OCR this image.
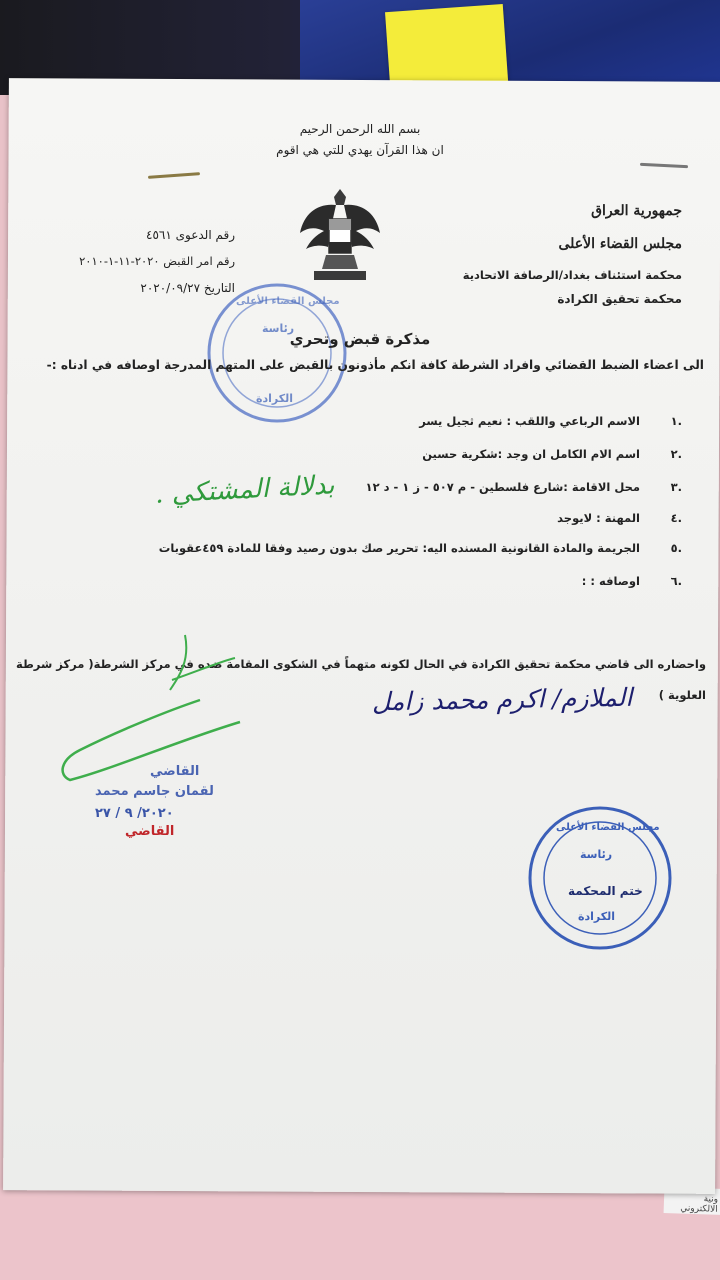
ونية الالكتروني
بسم الله الرحمن الرحيم
ان هذا القرآن يهدي للتي هي اقوم
جمهورية العراق
مجلس القضاء الأعلى
محكمة استئناف بغداد/الرصافة الاتحادية
محكمة تحقيق الكرادة
رقم الدعوى ٤٥٦١
رقم امر القبض ٢٠٢٠-١١-١-٢٠١٠
التاريخ ٢٠٢٠/٠٩/٢٧
مجلس القضاء الأعلى
رئاسة
الكرادة
مذكرة قبض وتحري
الى اعضاء الضبط القضائي وافراد الشرطة كافة انكم مأذونون بالقبض على المتهم المدرجة اوصافه في ادناه :-
.١
الاسم الرباعي واللقب : نعيم ثجيل يسر
.٢
اسم الام الكامل ان وجد :شكرية حسين
.٣
محل الاقامة :شارع فلسطين - م ٥٠٧ - ز ١ - د ١٢
.٤
المهنة : لايوجد
.٥
الجريمة والمادة القانونية المسنده اليه: تحرير صك بدون رصيد وفقا للمادة ٤٥٩عقوبات
.٦
اوصافه : :
بدلالة المشتكي .
واحضاره الى قاضي محكمة تحقيق الكرادة في الحال لكونه متهماً في الشكوى المقامة ضده في مركز الشرطة( مركز شرطة
العلوية )
الملازم/ اكرم محمد زامل
القاضي
لقمان جاسم محمد
٢٠٢٠/ ٩ / ٢٧
القاضي	مجلس القضاء الأعلى
رئاسة
ختم المحكمة
الكرادة
